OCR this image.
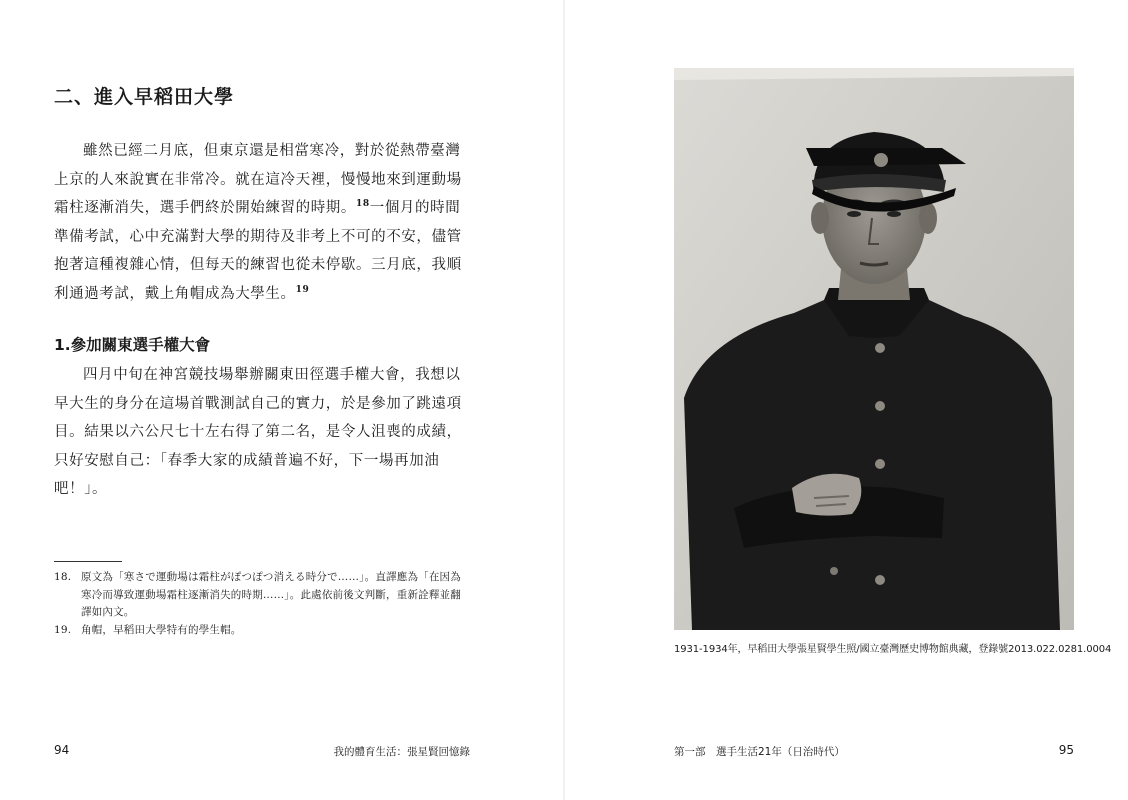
二、進入早稻田大學

雖然已經二月底，但東京還是相當寒冷，對於從熱帶臺灣上京的人來說實在非常冷。就在這冷天裡，慢慢地來到運動場霜柱逐漸消失，選手們終於開始練習的時期。$^{18}$一個月的時間準備考試，心中充滿對大學的期待及非考上不可的不安，儘管抱著這種複雜心情，但每天的練習也從未停歇。三月底，我順利通過考試，戴上角帽成為大學生。$^{19}$

1.參加關東選手權大會

四月中旬在神宮競技場舉辦關東田徑選手權大會，我想以早大生的身分在這場首戰測試自己的實力，於是參加了跳遠項目。結果以六公尺七十左右得了第二名，是令人沮喪的成績，只好安慰自己：「春季大家的成績普遍不好，下一場再加油吧！」。

18. 原文為「寒さで運動場は霜柱がぽつぽつ消える時分で……」。直譯應為「在因為寒冷而導致運動場霜柱逐漸消失的時期……」。此處依前後文判斷，重新詮釋並翻譯如內文。
19. 角帽，早稻田大學特有的學生帽。
94	我的體育生活：張星賢回憶錄
1931-1934年，早稻田大學張星賢學生照/國立臺灣歷史博物館典藏，登錄號2013.022.0281.0004
第一部　選手生活21年（日治時代）	95
